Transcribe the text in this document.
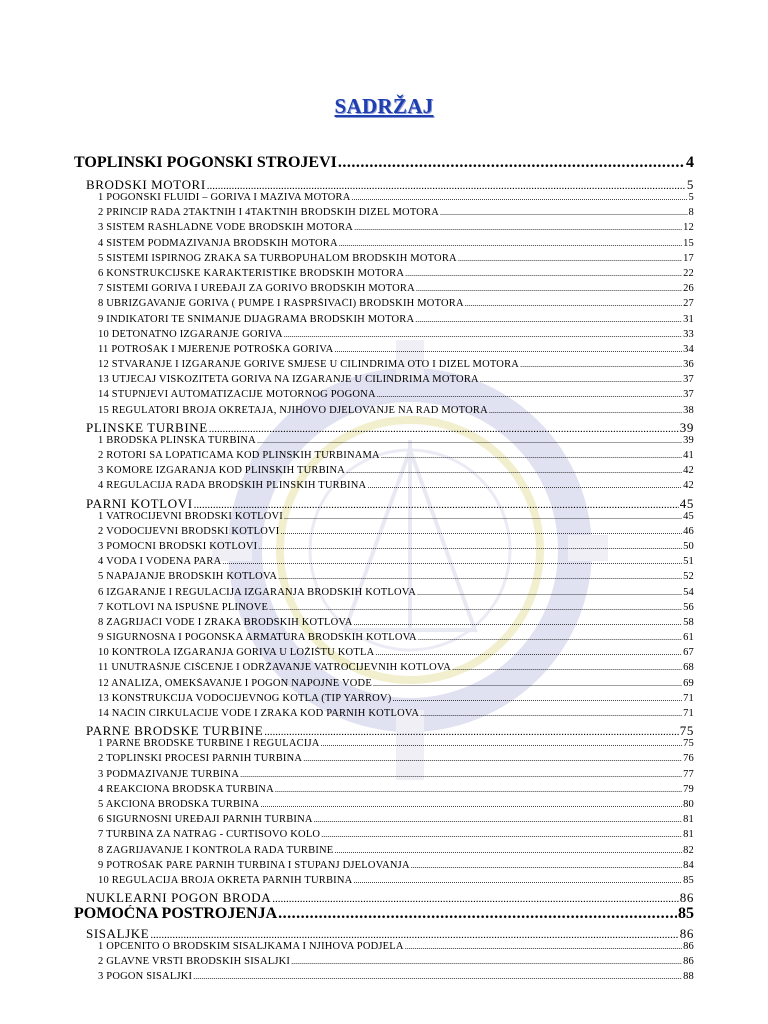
SADRŽAJ
TOPLINSKI POGONSKI STROJEVI .....	4
BRODSKI MOTORI .....	5
1 POGONSKI FLUIDI – GORIVA I MAZIVA MOTORA .....	5
2 PRINCIP RADA 2TAKTNIH I 4TAKTNIH BRODSKIH DIZEL MOTORA .....	8
3 SISTEM RASHLADNE VODE BRODSKIH MOTORA .....	12
4 SISTEM PODMAZIVANJA BRODSKIH MOTORA .....	15
5 SISTEMI ISPIRNOG ZRAKA SA TURBOPUHALOM BRODSKIH MOTORA .....	17
6 KONSTRUKCIJSKE KARAKTERISTIKE BRODSKIH MOTORA .....	22
7 SISTEMI GORIVA I UREĐAJI ZA GORIVO BRODSKIH MOTORA .....	26
8 UBRIZGAVANJE GORIVA ( PUMPE I RASPRŠIVAČI) BRODSKIH MOTORA .....	27
9 INDIKATORI TE SNIMANJE DIJAGRAMA BRODSKIH MOTORA .....	31
10 DETONATNO IZGARANJE GORIVA .....	33
11 POTROŠAK I MJERENJE POTROŠKA GORIVA .....	34
12 STVARANJE I IZGARANJE GORIVE SMJESE U CILINDRIMA OTO I DIZEL MOTORA .....	36
13 UTJECAJ VISKOZITETA GORIVA NA IZGARANJE U CILINDRIMA MOTORA .....	37
14 STUPNJEVI AUTOMATIZACIJE MOTORNOG POGONA .....	37
15 REGULATORI BROJA OKRETAJA, NJIHOVO DJELOVANJE NA RAD MOTORA .....	38
PLINSKE TURBINE .....	39
1 BRODSKA PLINSKA TURBINA .....	39
2 ROTORI SA LOPATICAMA KOD PLINSKIH TURBINAMA .....	41
3 KOMORE IZGARANJA KOD PLINSKIH TURBINA .....	42
4 REGULACIJA RADA BRODSKIH PLINSKIH TURBINA .....	42
PARNI KOTLOVI .....	45
1 VATROCIJEVNI BRODSKI KOTLOVI .....	45
2 VODOCIJEVNI BRODSKI KOTLOVI .....	46
3 POMOĆNI BRODSKI KOTLOVI .....	50
4 VODA I VODENA PARA .....	51
5 NAPAJANJE BRODSKIH KOTLOVA .....	52
6 IZGARANJE I REGULACIJA IZGARANJA BRODSKIH KOTLOVA .....	54
7 KOTLOVI NA ISPUŠNE PLINOVE .....	56
8 ZAGRIJAČI VODE I ZRAKA BRODSKIH KOTLOVA .....	58
9 SIGURNOSNA I POGONSKA ARMATURA BRODSKIH KOTLOVA .....	61
10 KONTROLA IZGARANJA GORIVA U LOŽIŠTU KOTLA .....	67
11 UNUTRAŠNJE ČIŠĆENJE I ODRŽAVANJE VATROCIJEVNIH KOTLOVA .....	68
12 ANALIZA, OMEKŠAVANJE I POGON NAPOJNE VODE .....	69
13 KONSTRUKCIJA VODOCIJEVNOG KOTLA (TIP YARROV) .....	71
14 NAČIN CIRKULACIJE VODE I ZRAKA KOD PARNIH KOTLOVA .....	71
PARNE BRODSKE TURBINE .....	75
1 PARNE BRODSKE TURBINE I REGULACIJA .....	75
2 TOPLINSKI PROCESI PARNIH TURBINA .....	76
3 PODMAZIVANJE TURBINA .....	77
4 REAKCIONA BRODSKA TURBINA .....	79
5 AKCIONA BRODSKA TURBINA .....	80
6 SIGURNOSNI UREĐAJI PARNIH TURBINA .....	81
7 TURBINA ZA NATRAG - CURTISOVO KOLO .....	81
8 ZAGRIJAVANJE I KONTROLA RADA TURBINE .....	82
9 POTROŠAK PARE PARNIH TURBINA I STUPANJ DJELOVANJA .....	84
10 REGULACIJA BROJA OKRETA PARNIH TURBINA .....	85
NUKLEARNI POGON BRODA .....	86
POMOĆNA POSTROJENJA .....	85
SISALJKE .....	86
1 OPĆENITO O BRODSKIM SISALJKAMA I NJIHOVA PODJELA .....	86
2 GLAVNE VRSTI BRODSKIH SISALJKI .....	86
3 POGON SISALJKI .....	88
